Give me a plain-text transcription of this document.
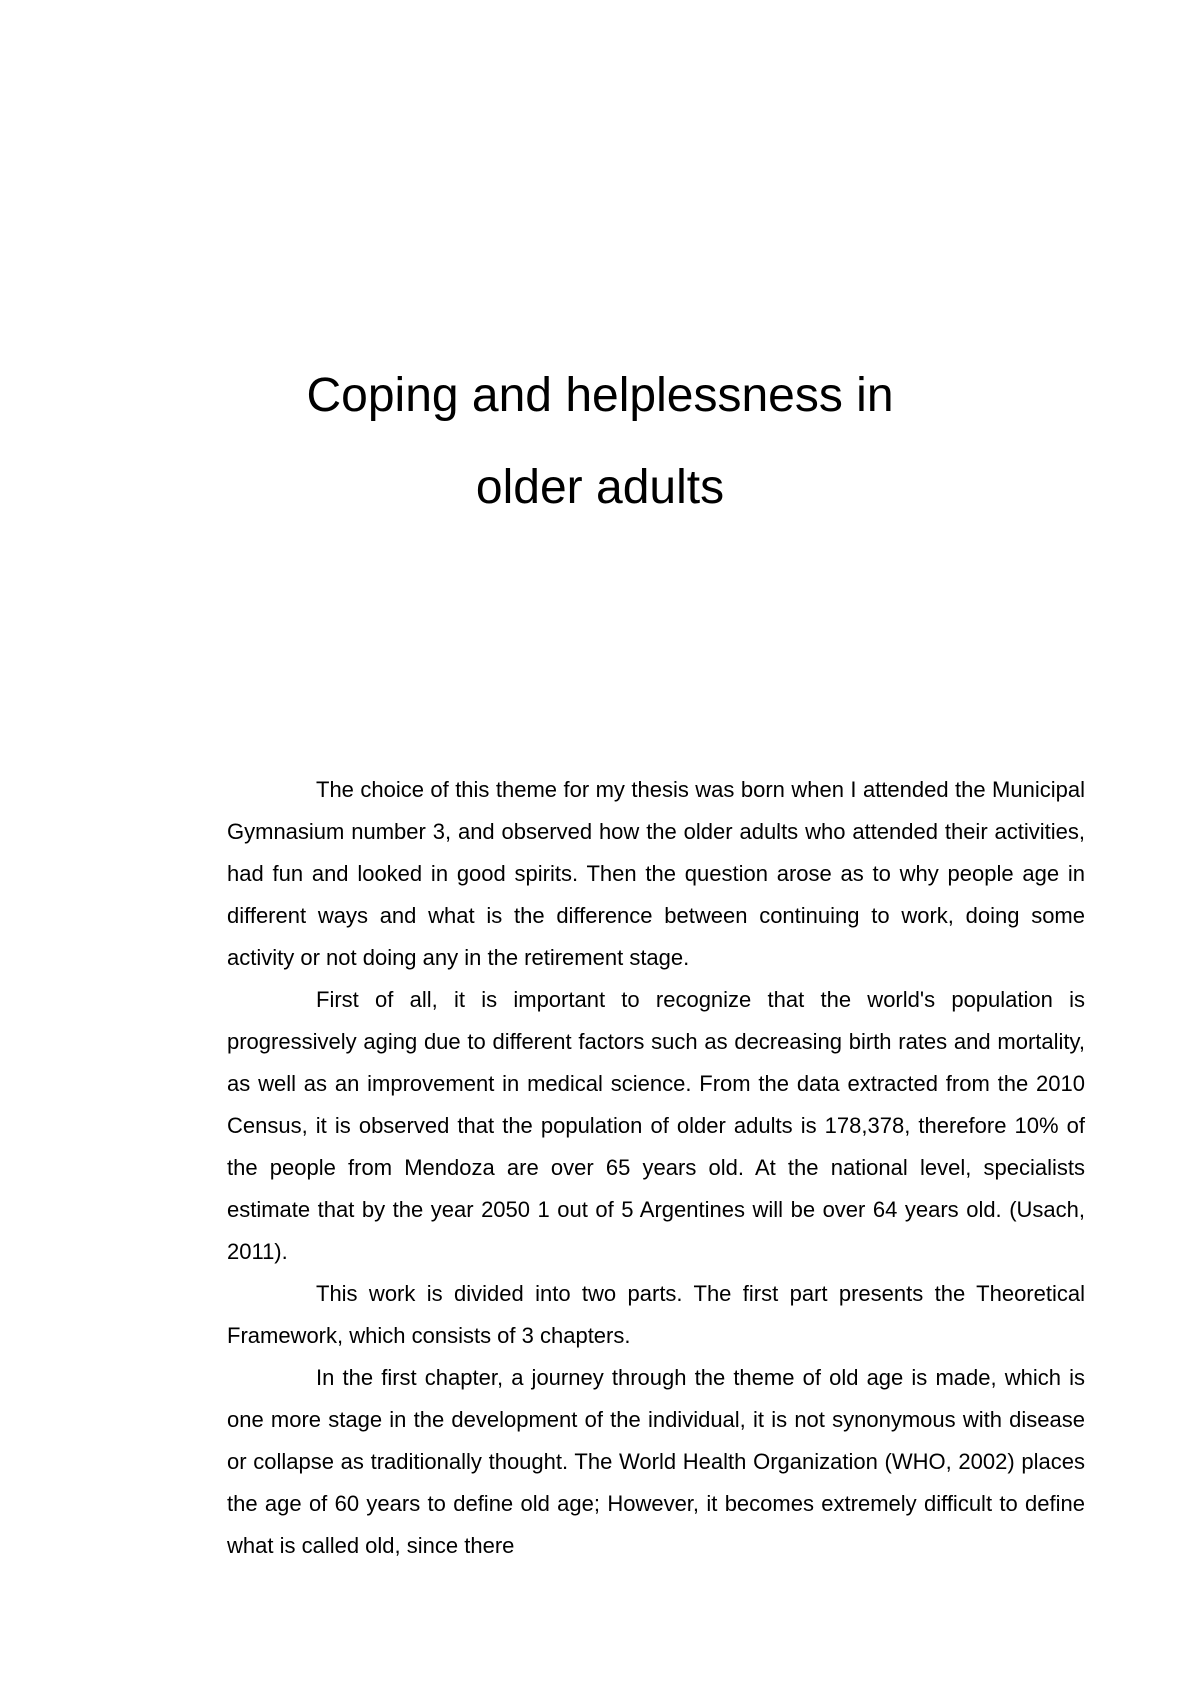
Coping and helplessness in
older adults

The choice of this theme for my thesis was born when I attended the Municipal Gymnasium number 3, and observed how the older adults who attended their activities, had fun and looked in good spirits. Then the question arose as to why people age in different ways and what is the difference between continuing to work, doing some activity or not doing any in the retirement stage.

First of all, it is important to recognize that the world's population is progressively aging due to different factors such as decreasing birth rates and mortality, as well as an improvement in medical science. From the data extracted from the 2010 Census, it is observed that the population of older adults is 178,378, therefore 10% of the people from Mendoza are over 65 years old. At the national level, specialists estimate that by the year 2050 1 out of 5 Argentines will be over 64 years old. (Usach, 2011).

This work is divided into two parts. The first part presents the Theoretical Framework, which consists of 3 chapters.

In the first chapter, a journey through the theme of old age is made, which is one more stage in the development of the individual, it is not synonymous with disease or collapse as traditionally thought. The World Health Organization (WHO, 2002) places the age of 60 years to define old age; However, it becomes extremely difficult to define what is called old, since there
